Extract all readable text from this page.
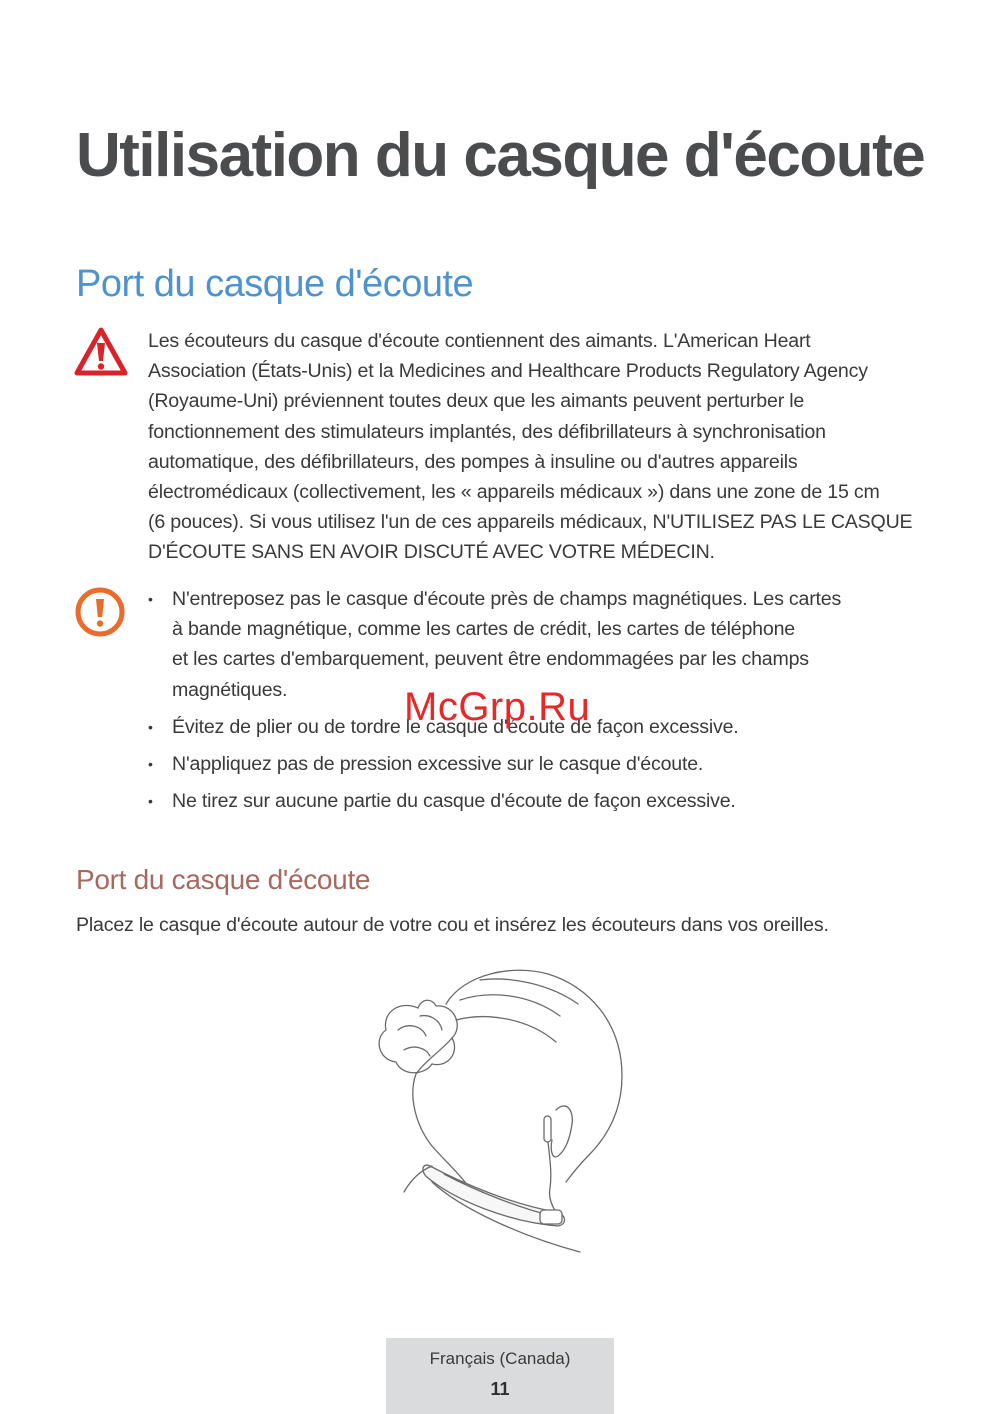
Utilisation du casque d'écoute
Port du casque d'écoute

Les écouteurs du casque d'écoute contiennent des aimants. L'American Heart
Association (États-Unis) et la Medicines and Healthcare Products Regulatory Agency
(Royaume-Uni) préviennent toutes deux que les aimants peuvent perturber le
fonctionnement des stimulateurs implantés, des défibrillateurs à synchronisation
automatique, des défibrillateurs, des pompes à insuline ou d'autres appareils
électromédicaux (collectivement, les « appareils médicaux ») dans une zone de 15 cm
(6 pouces). Si vous utilisez l'un de ces appareils médicaux, N'UTILISEZ PAS LE CASQUE
D'ÉCOUTE SANS EN AVOIR DISCUTÉ AVEC VOTRE MÉDECIN.

• N'entreposez pas le casque d'écoute près de champs magnétiques. Les cartes
à bande magnétique, comme les cartes de crédit, les cartes de téléphone
et les cartes d'embarquement, peuvent être endommagées par les champs
magnétiques.
• Évitez de plier ou de tordre le casque d'écoute de façon excessive.
• N'appliquez pas de pression excessive sur le casque d'écoute.
• Ne tirez sur aucune partie du casque d'écoute de façon excessive.
McGrp.Ru
Port du casque d'écoute

Placez le casque d'écoute autour de votre cou et insérez les écouteurs dans vos oreilles.

Français (Canada)
11
